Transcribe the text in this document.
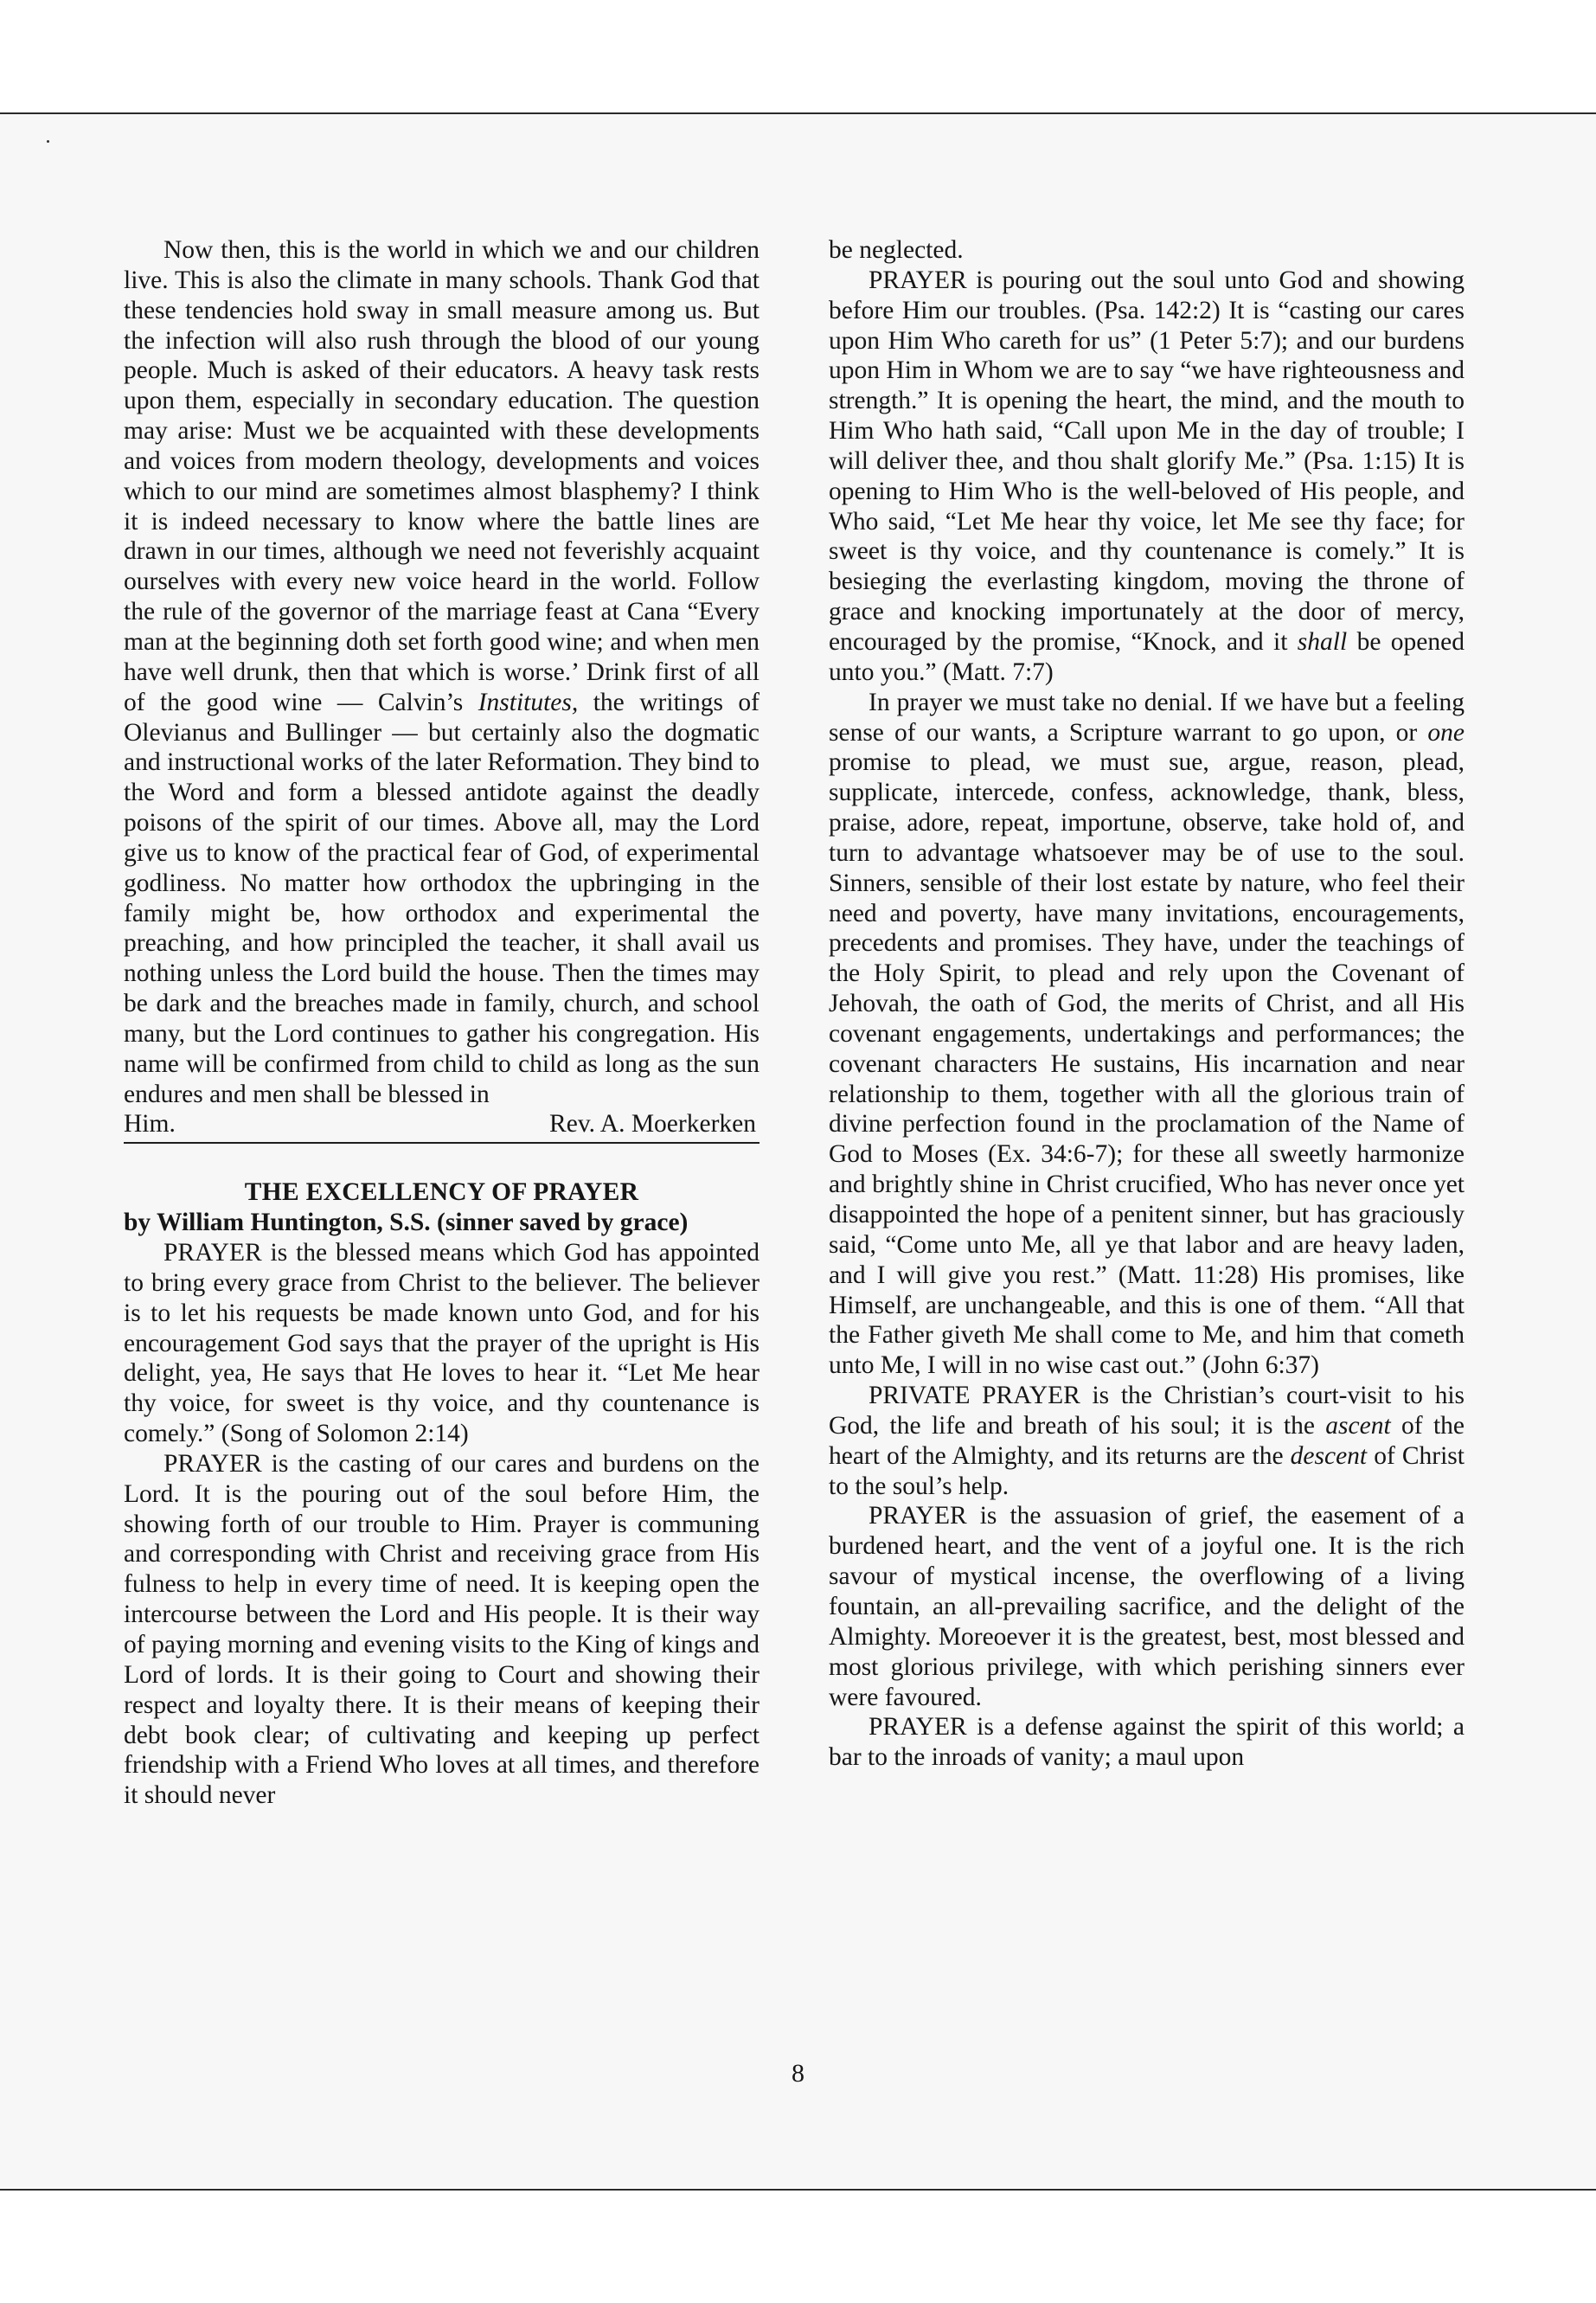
Now then, this is the world in which we and our children live. This is also the climate in many schools. Thank God that these tendencies hold sway in small measure among us. But the infection will also rush through the blood of our young people. Much is asked of their educators. A heavy task rests upon them, especially in secondary education. The question may arise: Must we be acquainted with these developments and voices from modern theology, developments and voices which to our mind are sometimes almost blasphemy? I think it is indeed necessary to know where the battle lines are drawn in our times, although we need not feverishly acquaint ourselves with every new voice heard in the world. Follow the rule of the governor of the marriage feast at Cana “Every man at the beginning doth set forth good wine; and when men have well drunk, then that which is worse.’ Drink first of all of the good wine — Calvin’s Institutes, the writings of Olevianus and Bullinger — but certainly also the dogmatic and instructional works of the later Reformation. They bind to the Word and form a blessed antidote against the deadly poisons of the spirit of our times. Above all, may the Lord give us to know of the practical fear of God, of experimental godliness. No matter how orthodox the upbringing in the family might be, how orthodox and experimental the preaching, and how principled the teacher, it shall avail us nothing unless the Lord build the house. Then the times may be dark and the breaches made in family, church, and school many, but the Lord continues to gather his congregation. His name will be confirmed from child to child as long as the sun endures and men shall be blessed in

Him.	Rev. A. Moerkerken
THE EXCELLENCY OF PRAYER
by William Huntington, S.S. (sinner saved by grace)

PRAYER is the blessed means which God has appointed to bring every grace from Christ to the believer. The believer is to let his requests be made known unto God, and for his encouragement God says that the prayer of the upright is His delight, yea, He says that He loves to hear it. “Let Me hear thy voice, for sweet is thy voice, and thy countenance is comely.” (Song of Solomon 2:14)

PRAYER is the casting of our cares and burdens on the Lord. It is the pouring out of the soul before Him, the showing forth of our trouble to Him. Prayer is communing and corresponding with Christ and receiving grace from His fulness to help in every time of need. It is keeping open the intercourse between the Lord and His people. It is their way of paying morning and evening visits to the King of kings and Lord of lords. It is their going to Court and showing their respect and loyalty there. It is their means of keeping their debt book clear; of cultivating and keeping up perfect friendship with a Friend Who loves at all times, and therefore it should never

be neglected.

PRAYER is pouring out the soul unto God and showing before Him our troubles. (Psa. 142:2) It is “casting our cares upon Him Who careth for us” (1 Peter 5:7); and our burdens upon Him in Whom we are to say “we have righteousness and strength.” It is opening the heart, the mind, and the mouth to Him Who hath said, “Call upon Me in the day of trouble; I will deliver thee, and thou shalt glorify Me.” (Psa. 1:15) It is opening to Him Who is the well-beloved of His people, and Who said, “Let Me hear thy voice, let Me see thy face; for sweet is thy voice, and thy countenance is comely.” It is besieging the everlasting kingdom, moving the throne of grace and knocking importunately at the door of mercy, encouraged by the promise, “Knock, and it shall be opened unto you.” (Matt. 7:7)

In prayer we must take no denial. If we have but a feeling sense of our wants, a Scripture warrant to go upon, or one promise to plead, we must sue, argue, reason, plead, supplicate, intercede, confess, acknowledge, thank, bless, praise, adore, repeat, importune, observe, take hold of, and turn to advantage whatsoever may be of use to the soul. Sinners, sensible of their lost estate by nature, who feel their need and poverty, have many invitations, encouragements, precedents and promises. They have, under the teachings of the Holy Spirit, to plead and rely upon the Covenant of Jehovah, the oath of God, the merits of Christ, and all His covenant engagements, undertakings and performances; the covenant characters He sustains, His incarnation and near relationship to them, together with all the glorious train of divine perfection found in the proclamation of the Name of God to Moses (Ex. 34:6-7); for these all sweetly harmonize and brightly shine in Christ crucified, Who has never once yet disappointed the hope of a penitent sinner, but has graciously said, “Come unto Me, all ye that labor and are heavy laden, and I will give you rest.” (Matt. 11:28) His promises, like Himself, are unchangeable, and this is one of them. “All that the Father giveth Me shall come to Me, and him that cometh unto Me, I will in no wise cast out.” (John 6:37)

PRIVATE PRAYER is the Christian’s court-visit to his God, the life and breath of his soul; it is the ascent of the heart of the Almighty, and its returns are the descent of Christ to the soul’s help.

PRAYER is the assuasion of grief, the easement of a burdened heart, and the vent of a joyful one. It is the rich savour of mystical incense, the overflowing of a living fountain, an all-prevailing sacrifice, and the delight of the Almighty. Moreoever it is the greatest, best, most blessed and most glorious privilege, with which perishing sinners ever were favoured.

PRAYER is a defense against the spirit of this world; a bar to the inroads of vanity; a maul upon

8
